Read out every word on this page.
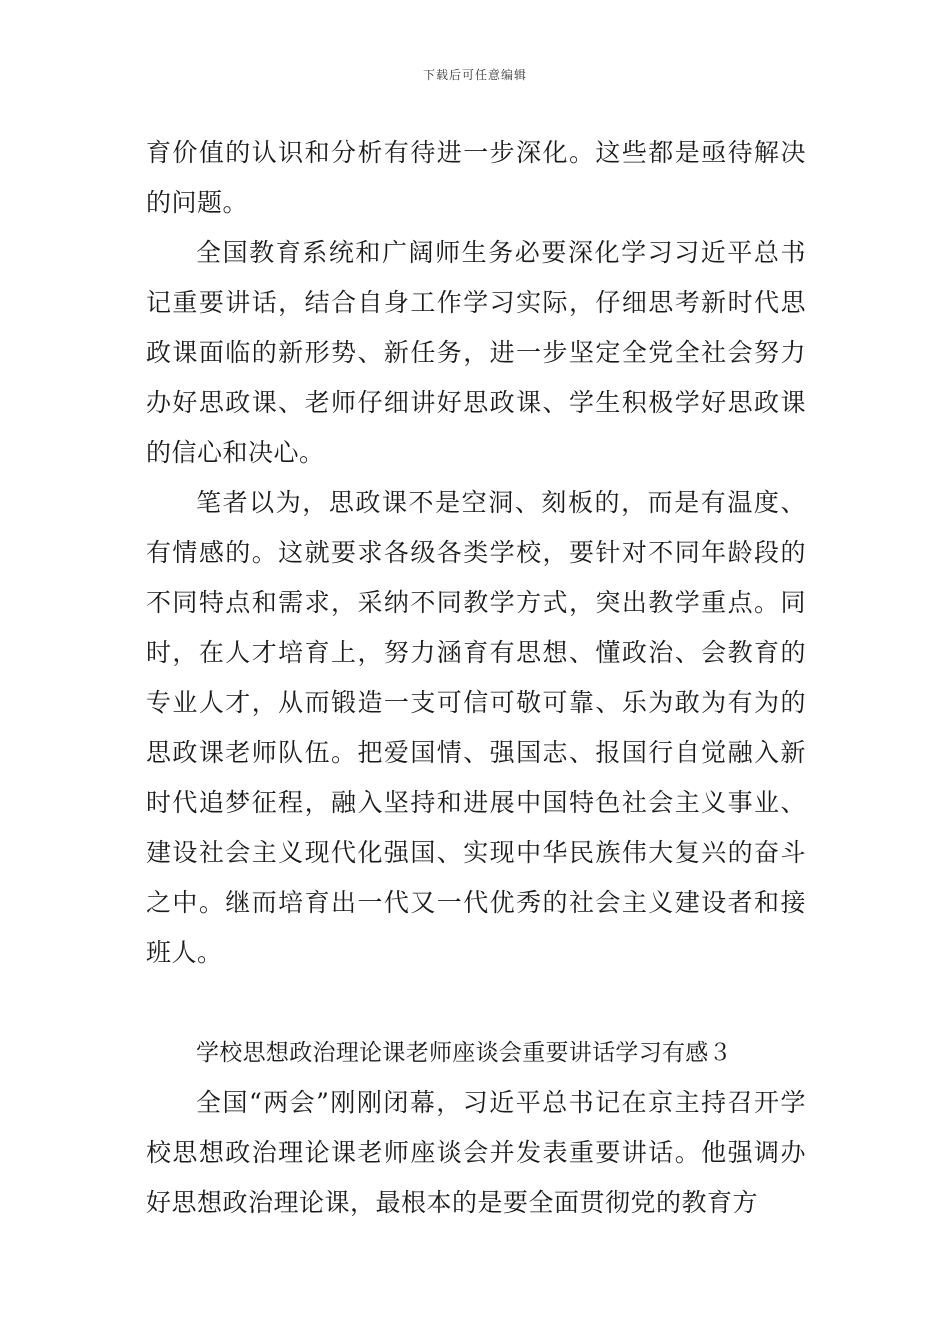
下载后可任意编辑

育价值的认识和分析有待进一步深化。这些都是亟待解决的问题。

全国教育系统和广阔师生务必要深化学习习近平总书记重要讲话，结合自身工作学习实际，仔细思考新时代思政课面临的新形势、新任务，进一步坚定全党全社会努力办好思政课、老师仔细讲好思政课、学生积极学好思政课的信心和决心。

笔者以为，思政课不是空洞、刻板的，而是有温度、有情感的。这就要求各级各类学校，要针对不同年龄段的不同特点和需求，采纳不同教学方式，突出教学重点。同时，在人才培育上，努力涵育有思想、懂政治、会教育的专业人才，从而锻造一支可信可敬可靠、乐为敢为有为的思政课老师队伍。把爱国情、强国志、报国行自觉融入新时代追梦征程，融入坚持和进展中国特色社会主义事业、建设社会主义现代化强国、实现中华民族伟大复兴的奋斗之中。继而培育出一代又一代优秀的社会主义建设者和接班人。

学校思想政治理论课老师座谈会重要讲话学习有感３

全国“两会”刚刚闭幕，习近平总书记在京主持召开学校思想政治理论课老师座谈会并发表重要讲话。他强调办好思想政治理论课，最根本的是要全面贯彻党的教育方
